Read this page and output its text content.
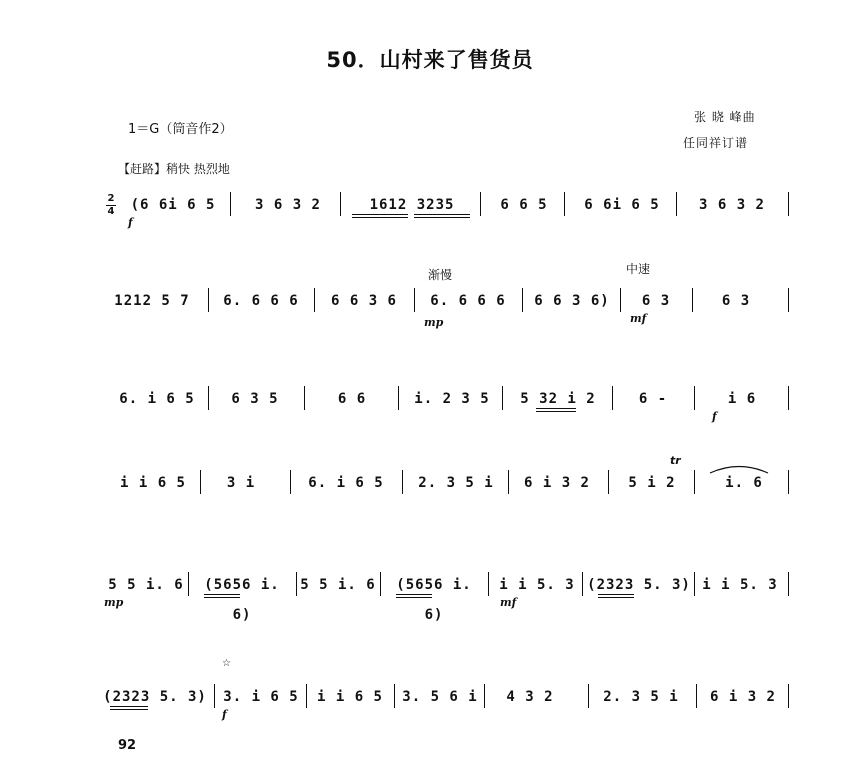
50．山村来了售货员
1＝G（筒音作2）
张 晓 峰曲
任同祥订谱
【赶路】稍快 热烈地
2
4	(6 6i 6 5	3 6 3 2	1612 3235	6 6 5	6 6i 6 5	3 6 3 2
f
渐慢	中速
1212 5 7	6. 6 6 6	6 6 3 6	6. 6 6 6	6 6 3 6)	6 3	6 3
mp	mf
6. i 6 5	6 3 5	6 6	i. 2 3 5	5 32 i 2	6 -	i 6
f
tr
i i 6 5	3 i	6. i 6 5	2. 3 5 i	6 i 3 2	5 i 2	i. 6
5 5 i. 6	(5656 i. 6)
5 5 i. 6	(5656 i. 6)
i i 5. 3 (2323 5. 3) i i 5. 3
mp	mf
☆
(2323 5. 3)	3. i 6 5	i i 6 5	3. 5 6 i	4 3 2	2. 3 5 i	6 i 3 2
f
92
